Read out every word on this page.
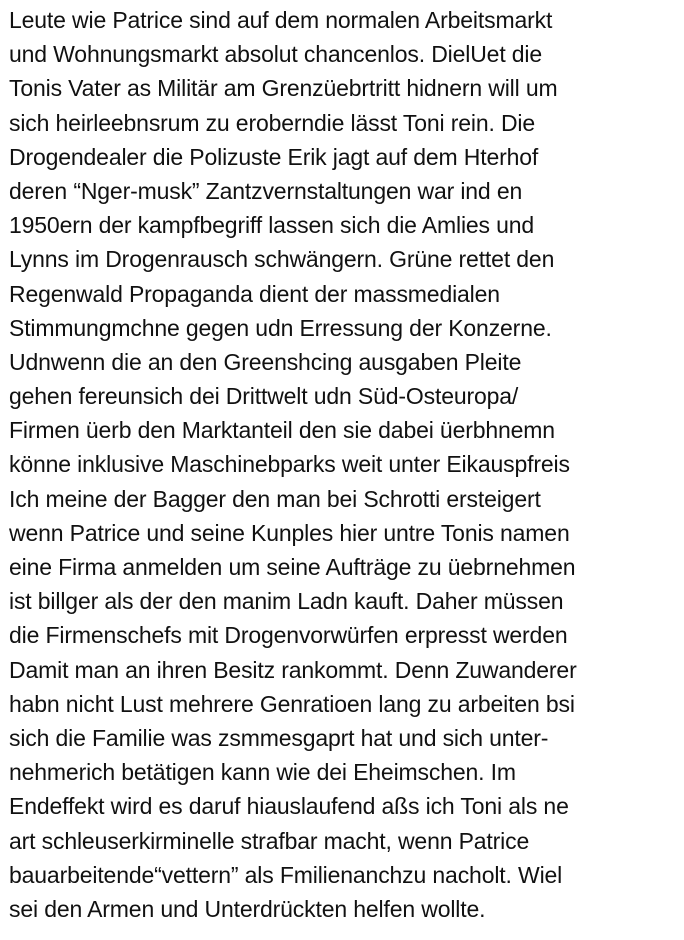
Leute wie Patrice sind auf dem normalen Arbeitsmarkt
und Wohnungsmarkt absolut chancenlos. DielUet die
Tonis Vater as Militär am Grenzüebrtritt hidnern will um
sich heirleebnsrum zu eroberndie lässt Toni rein. Die
Drogendealer die Polizuste Erik jagt auf dem Hterhof
deren “Nger-musk” Zantzvernstaltungen war ind en
1950ern der kampfbegriff lassen sich die Amlies und
Lynns im Drogenrausch schwängern. Grüne rettet den
Regenwald Propaganda dient der massmedialen
Stimmungmchne gegen udn Erressung der Konzerne.
Udnwenn die an den Greenshcing ausgaben Pleite
gehen fereunsich dei Drittwelt udn Süd-Osteuropa/
Firmen üerb den Marktanteil den sie dabei üerbhnemn
könne inklusive Maschinebparks weit unter Eikauspfreis
Ich meine der Bagger den man bei Schrotti ersteigert
wenn Patrice und seine Kunples hier untre Tonis namen
eine Firma anmelden um seine Aufträge zu üebrnehmen
ist billger als der den manim Ladn kauft. Daher müssen
die Firmenschefs mit Drogenvorwürfen erpresst werden
Damit man an ihren Besitz rankommt. Denn Zuwanderer
habn nicht Lust mehrere Genratioen lang zu arbeiten bsi
sich die Familie was zsmmesgaprt hat und sich unter-
nehmerich betätigen kann wie dei Eheimschen. Im
Endeffekt wird es daruf hiauslaufend aßs ich Toni als ne
art schleuserkirminelle strafbar macht, wenn Patrice
bauarbeitende“vettern” als Fmilienanchzu nacholt. Wiel
sei den Armen und Unterdrückten helfen wollte.
